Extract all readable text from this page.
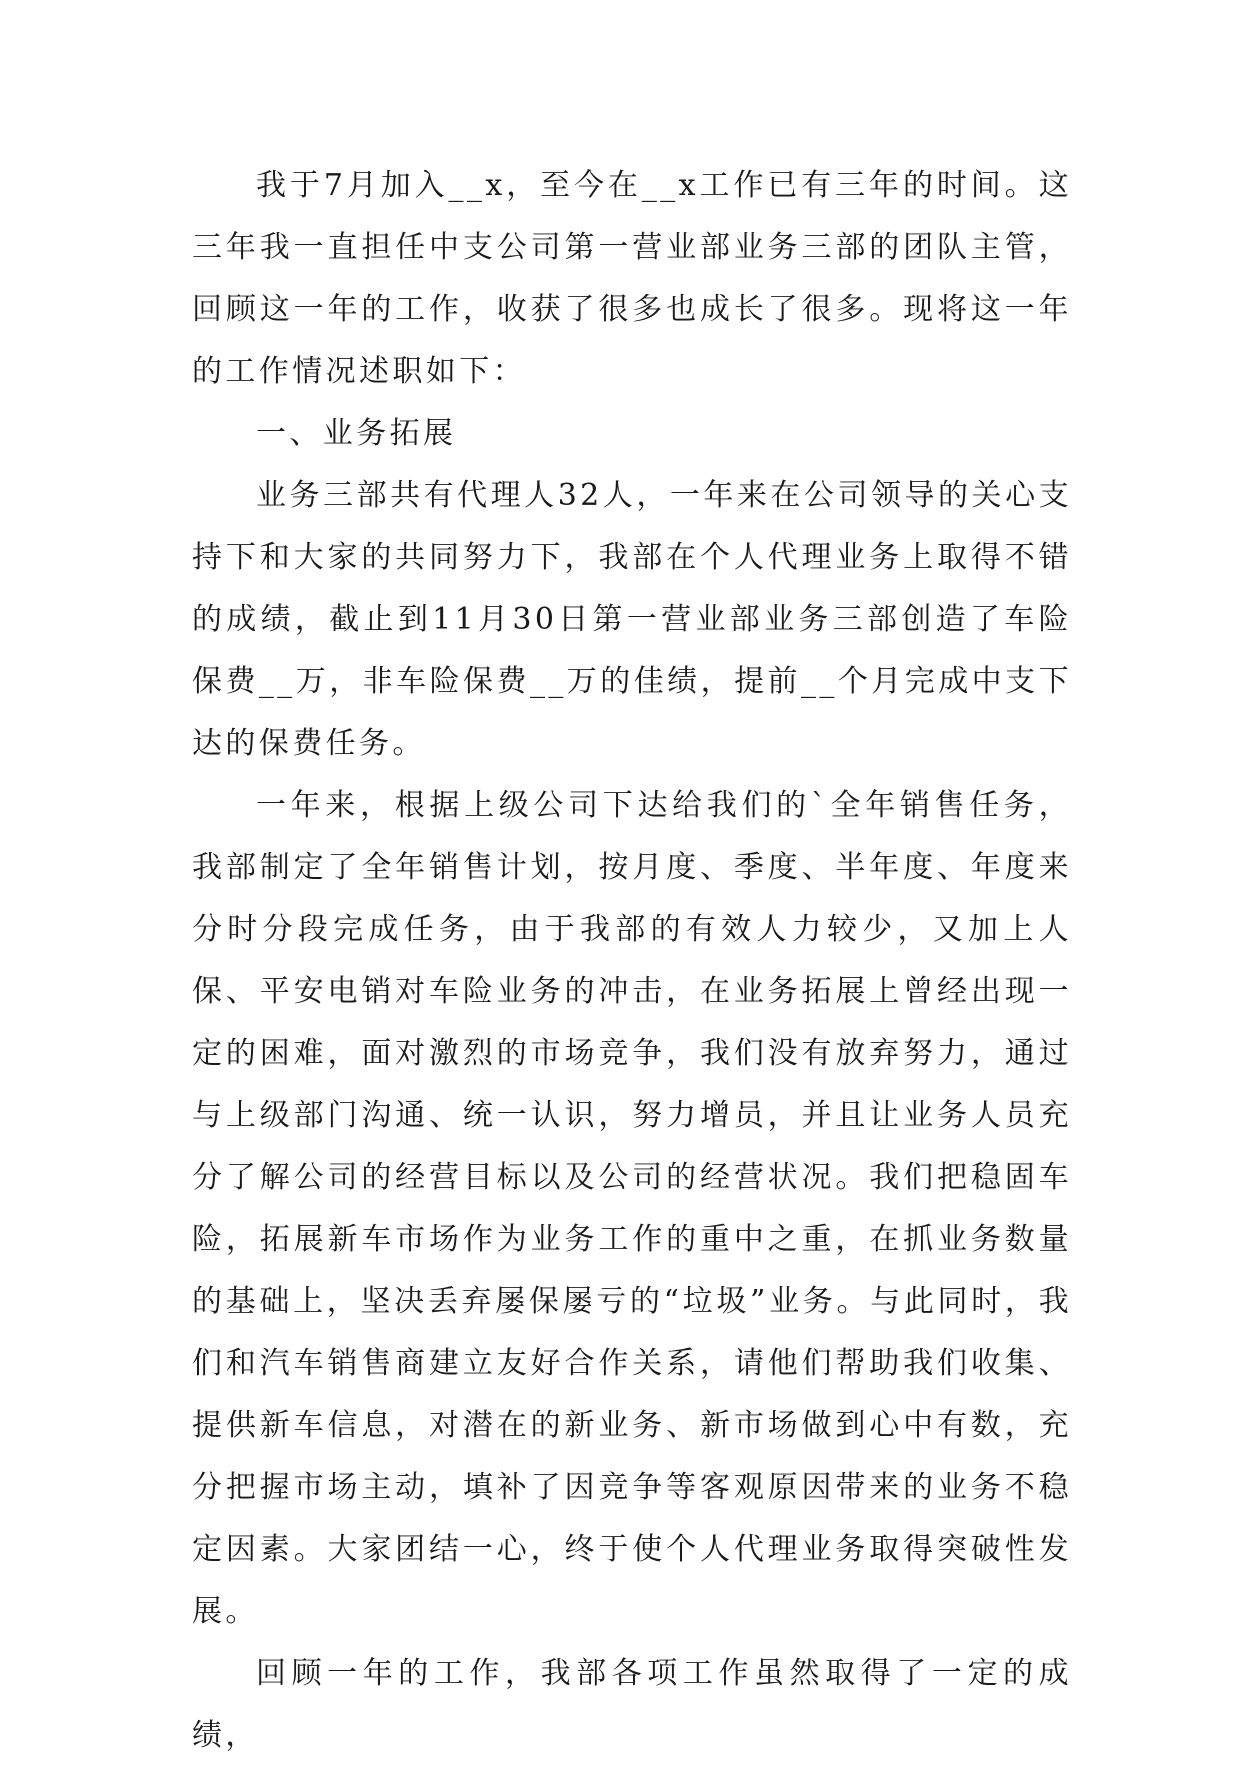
我于7月加入__x，至今在__x工作已有三年的时间。这三年我一直担任中支公司第一营业部业务三部的团队主管，回顾这一年的工作，收获了很多也成长了很多。现将这一年的工作情况述职如下：

一、业务拓展

业务三部共有代理人32人，一年来在公司领导的关心支持下和大家的共同努力下，我部在个人代理业务上取得不错的成绩，截止到11月30日第一营业部业务三部创造了车险保费__万，非车险保费__万的佳绩，提前__个月完成中支下达的保费任务。

一年来，根据上级公司下达给我们的`全年销售任务，我部制定了全年销售计划，按月度、季度、半年度、年度来分时分段完成任务，由于我部的有效人力较少，又加上人保、平安电销对车险业务的冲击，在业务拓展上曾经出现一定的困难，面对激烈的市场竞争，我们没有放弃努力，通过与上级部门沟通、统一认识，努力增员，并且让业务人员充分了解公司的经营目标以及公司的经营状况。我们把稳固车险，拓展新车市场作为业务工作的重中之重，在抓业务数量的基础上，坚决丢弃屡保屡亏的“垃圾”业务。与此同时，我们和汽车销售商建立友好合作关系，请他们帮助我们收集、提供新车信息，对潜在的新业务、新市场做到心中有数，充分把握市场主动，填补了因竞争等客观原因带来的业务不稳定因素。大家团结一心，终于使个人代理业务取得突破性发展。

回顾一年的工作，我部各项工作虽然取得了一定的成绩，
